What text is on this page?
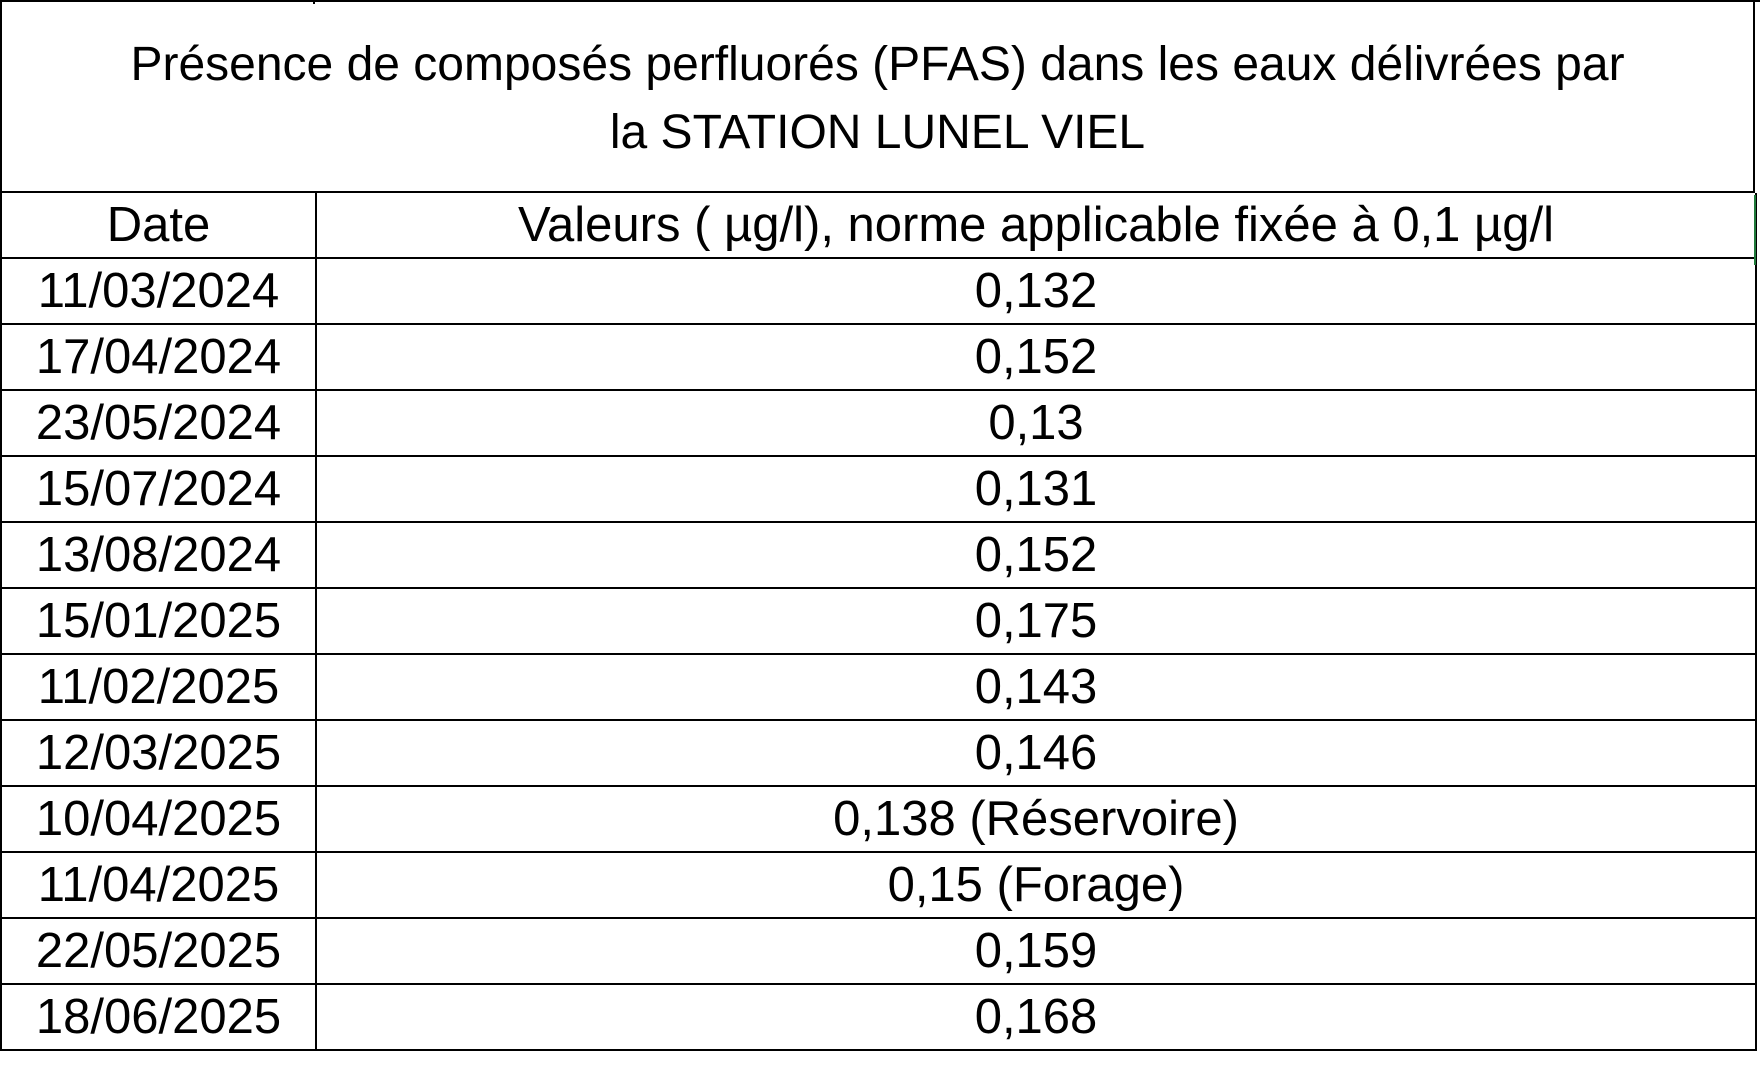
Présence de composés perfluorés (PFAS) dans les eaux délivrées par
la STATION LUNEL VIEL
Date	Valeurs ( µg/l), norme applicable fixée à 0,1 µg/l
11/03/2024	0,132
17/04/2024	0,152
23/05/2024	0,13
15/07/2024	0,131
13/08/2024	0,152
15/01/2025	0,175
11/02/2025	0,143
12/03/2025	0,146
10/04/2025	0,138 (Réservoire)
11/04/2025	0,15 (Forage)
22/05/2025	0,159
18/06/2025	0,168
